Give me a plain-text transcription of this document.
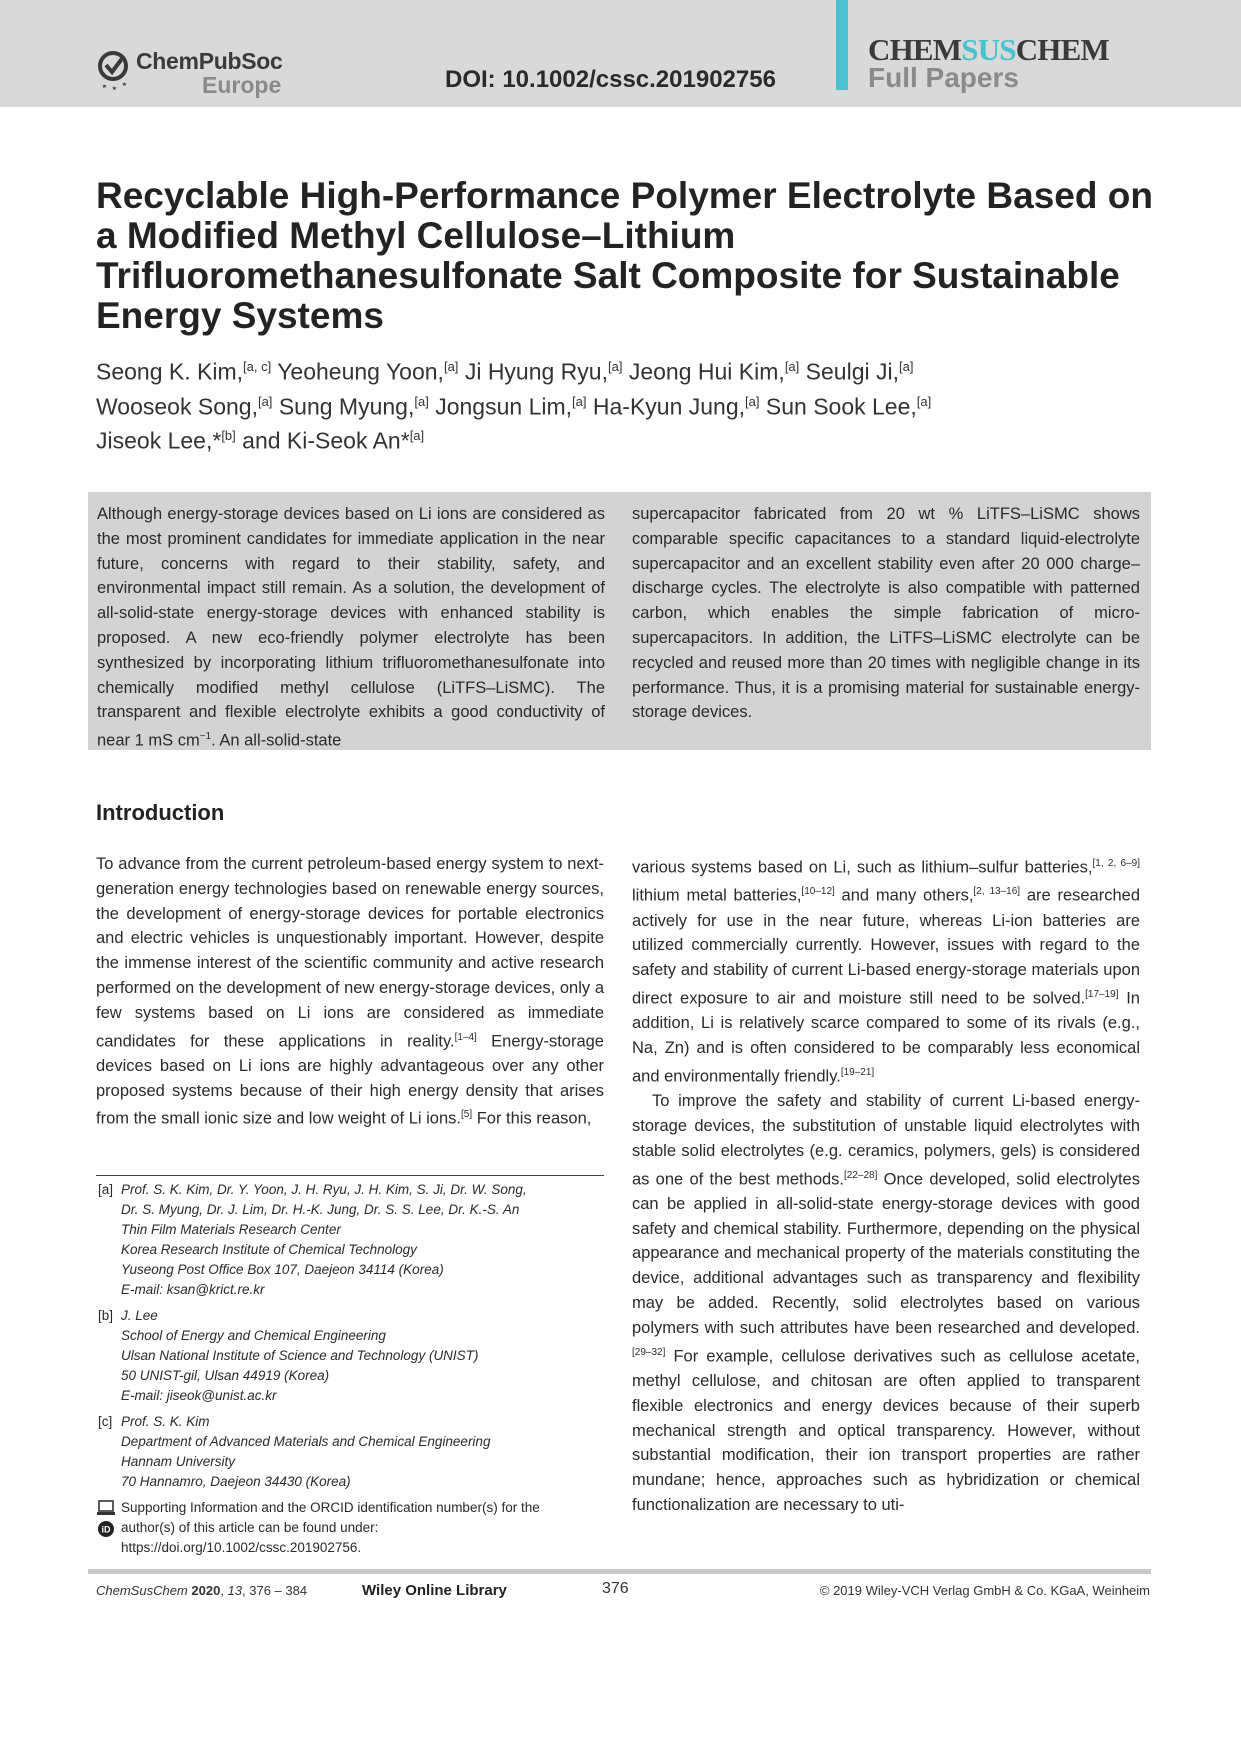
ChemPubSoc
Europe	DOI: 10.1002/cssc.201902756
CHEMSUSCHEM
Full Papers
Recyclable High-Performance Polymer Electrolyte Based on a Modified Methyl Cellulose–Lithium Trifluoromethanesulfonate Salt Composite for Sustainable Energy Systems
Seong K. Kim,[a, c] Yeoheung Yoon,[a] Ji Hyung Ryu,[a] Jeong Hui Kim,[a] Seulgi Ji,[a]
Wooseok Song,[a] Sung Myung,[a] Jongsun Lim,[a] Ha-Kyun Jung,[a] Sun Sook Lee,[a]
Jiseok Lee,*[b] and Ki-Seok An*[a]
Although energy-storage devices based on Li ions are considered as the most prominent candidates for immediate application in the near future, concerns with regard to their stability, safety, and environmental impact still remain. As a solution, the development of all-solid-state energy-storage devices with enhanced stability is proposed. A new eco-friendly polymer electrolyte has been synthesized by incorporating lithium trifluoromethanesulfonate into chemically modified methyl cellulose (LiTFS–LiSMC). The transparent and flexible electrolyte exhibits a good conductivity of near 1 mS $cm^{-1}$. An all-solid-state
supercapacitor fabricated from 20 wt % LiTFS–LiSMC shows comparable specific capacitances to a standard liquid-electrolyte supercapacitor and an excellent stability even after 20 000 charge–discharge cycles. The electrolyte is also compatible with patterned carbon, which enables the simple fabrication of micro-supercapacitors. In addition, the LiTFS–LiSMC electrolyte can be recycled and reused more than 20 times with negligible change in its performance. Thus, it is a promising material for sustainable energy-storage devices.
Introduction

To advance from the current petroleum-based energy system to next-generation energy technologies based on renewable energy sources, the development of energy-storage devices for portable electronics and electric vehicles is unquestionably important. However, despite the immense interest of the scientific community and active research performed on the development of new energy-storage devices, only a few systems based on Li ions are considered as immediate candidates for these applications in reality.[1–4] Energy-storage devices based on Li ions are highly advantageous over any other proposed systems because of their high energy density that arises from the small ionic size and low weight of Li ions.[5] For this reason,

[a] Prof. S. K. Kim, Dr. Y. Yoon, J. H. Ryu, J. H. Kim, S. Ji, Dr. W. Song,
Dr. S. Myung, Dr. J. Lim, Dr. H.-K. Jung, Dr. S. S. Lee, Dr. K.-S. An
Thin Film Materials Research Center
Korea Research Institute of Chemical Technology
Yuseong Post Office Box 107, Daejeon 34114 (Korea)
E-mail: ksan@krict.re.kr
[b] J. Lee
School of Energy and Chemical Engineering
Ulsan National Institute of Science and Technology (UNIST)
50 UNIST-gil, Ulsan 44919 (Korea)
E-mail: jiseok@unist.ac.kr
[c] Prof. S. K. Kim
Department of Advanced Materials and Chemical Engineering
Hannam University
70 Hannamro, Daejeon 34430 (Korea)
iD
Supporting Information and the ORCID identification number(s) for the
author(s) of this article can be found under:
https://doi.org/10.1002/cssc.201902756.

various systems based on Li, such as lithium–sulfur batteries,[1, 2, 6–9] lithium metal batteries,[10–12] and many others,[2, 13–16] are researched actively for use in the near future, whereas Li-ion batteries are utilized commercially currently. However, issues with regard to the safety and stability of current Li-based energy-storage materials upon direct exposure to air and moisture still need to be solved.[17–19] In addition, Li is relatively scarce compared to some of its rivals (e.g., Na, Zn) and is often considered to be comparably less economical and environmentally friendly.[19–21]

To improve the safety and stability of current Li-based energy-storage devices, the substitution of unstable liquid electrolytes with stable solid electrolytes (e.g. ceramics, polymers, gels) is considered as one of the best methods.[22–28] Once developed, solid electrolytes can be applied in all-solid-state energy-storage devices with good safety and chemical stability. Furthermore, depending on the physical appearance and mechanical property of the materials constituting the device, additional advantages such as transparency and flexibility may be added. Recently, solid electrolytes based on various polymers with such attributes have been researched and developed.[29–32] For example, cellulose derivatives such as cellulose acetate, methyl cellulose, and chitosan are often applied to transparent flexible electronics and energy devices because of their superb mechanical strength and optical transparency. However, without substantial modification, their ion transport properties are rather mundane; hence, approaches such as hybridization or chemical functionalization are necessary to uti-

ChemSusChem 2020, 13, 376 – 384	Wiley Online Library	376	© 2019 Wiley-VCH Verlag GmbH & Co. KGaA, Weinheim
